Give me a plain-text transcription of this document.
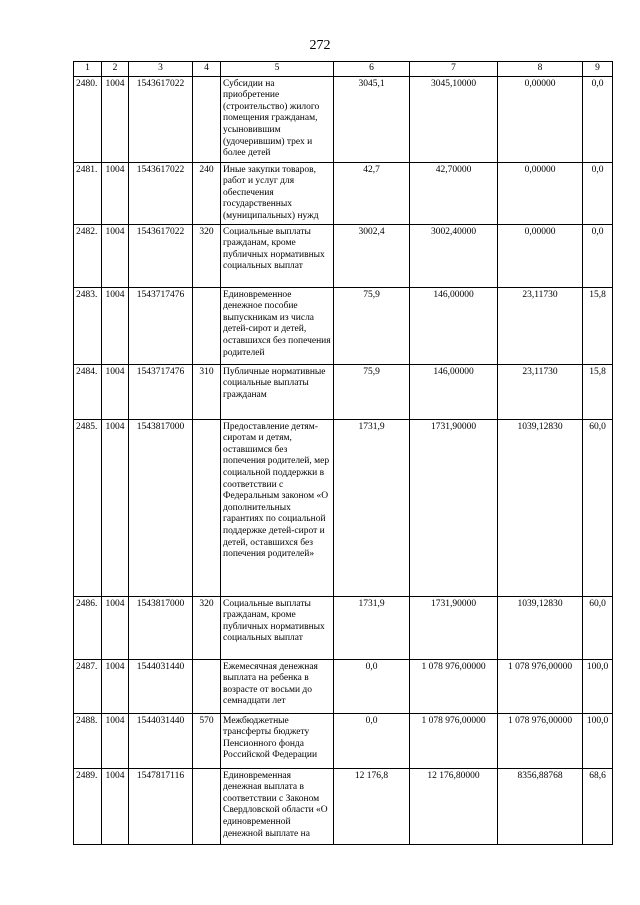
272
1	2	3	4	5	6	7	8	9
2480.	1004	1543617022		Субсидии на приобретение (строительство) жилого помещения гражданам, усыновившим (удочерившим) трех и более детей	3045,1	3045,10000	0,00000	0,0
2481.	1004	1543617022	240	Иные закупки товаров, работ и услуг для обеспечения государственных (муниципальных) нужд	42,7	42,70000	0,00000	0,0
2482.	1004	1543617022	320	Социальные выплаты гражданам, кроме публичных нормативных социальных выплат	3002,4	3002,40000	0,00000	0,0
2483.	1004	1543717476		Единовременное денежное пособие выпускникам из числа детей-сирот и детей, оставшихся без попечения родителей	75,9	146,00000	23,11730	15,8
2484.	1004	1543717476	310	Публичные нормативные социальные выплаты гражданам	75,9	146,00000	23,11730	15,8
2485.	1004	1543817000		Предоставление детям-сиротам и детям, оставшимся без попечения родителей, мер социальной поддержки в соответствии с Федеральным законом «О дополнительных гарантиях по социальной поддержке детей-сирот и детей, оставшихся без попечения родителей»	1731,9	1731,90000	1039,12830	60,0
2486.	1004	1543817000	320	Социальные выплаты гражданам, кроме публичных нормативных социальных выплат	1731,9	1731,90000	1039,12830	60,0
2487.	1004	1544031440		Ежемесячная денежная выплата на ребенка в возрасте от восьми до семнадцати лет	0,0	1 078 976,00000	1 078 976,00000	100,0
2488.	1004	1544031440	570	Межбюджетные трансферты бюджету Пенсионного фонда Российской Федерации	0,0	1 078 976,00000	1 078 976,00000	100,0
2489.	1004	1547817116		Единовременная денежная выплата в соответствии с Законом Свердловской области «О единовременной денежной выплате на	12 176,8	12 176,80000	8356,88768	68,6
